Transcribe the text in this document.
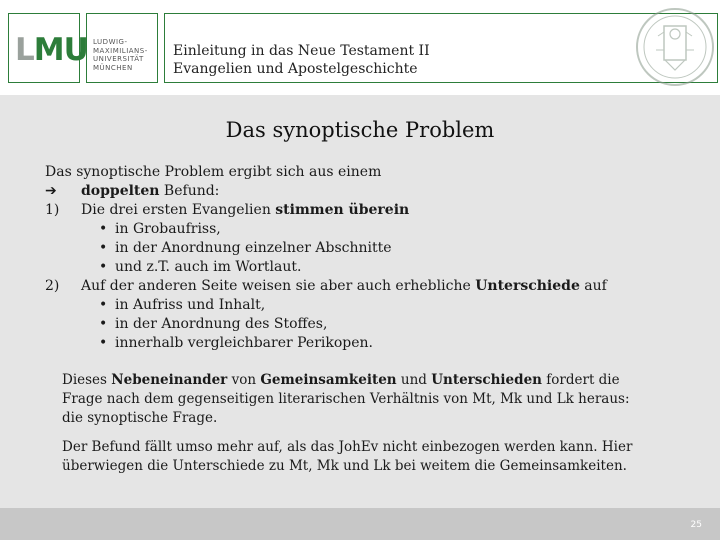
LMU LUDWIG-
MAXIMILIANS-
UNIVERSITÄT
MÜNCHEN
Einleitung in das Neue Testament II
Evangelien und Apostelgeschichte
Das synoptische Problem
Das synoptische Problem ergibt sich aus einem
➔ doppelten Befund:
1)	Die drei ersten Evangelien stimmen überein
• in Grobaufriss,
• in der Anordnung einzelner Abschnitte
• und z.T. auch im Wortlaut.
2)	Auf der anderen Seite weisen sie aber auch erhebliche Unterschiede auf
• in Aufriss und Inhalt,
• in der Anordnung des Stoffes,
• innerhalb vergleichbarer Perikopen.
Dieses Nebeneinander von Gemeinsamkeiten und Unterschieden fordert die Frage nach dem gegenseitigen literarischen Verhältnis von Mt, Mk und Lk heraus: die synoptische Frage.
Der Befund fällt umso mehr auf, als das JohEv nicht einbezogen werden kann. Hier überwiegen die Unterschiede zu Mt, Mk und Lk bei weitem die Gemeinsamkeiten.
25
